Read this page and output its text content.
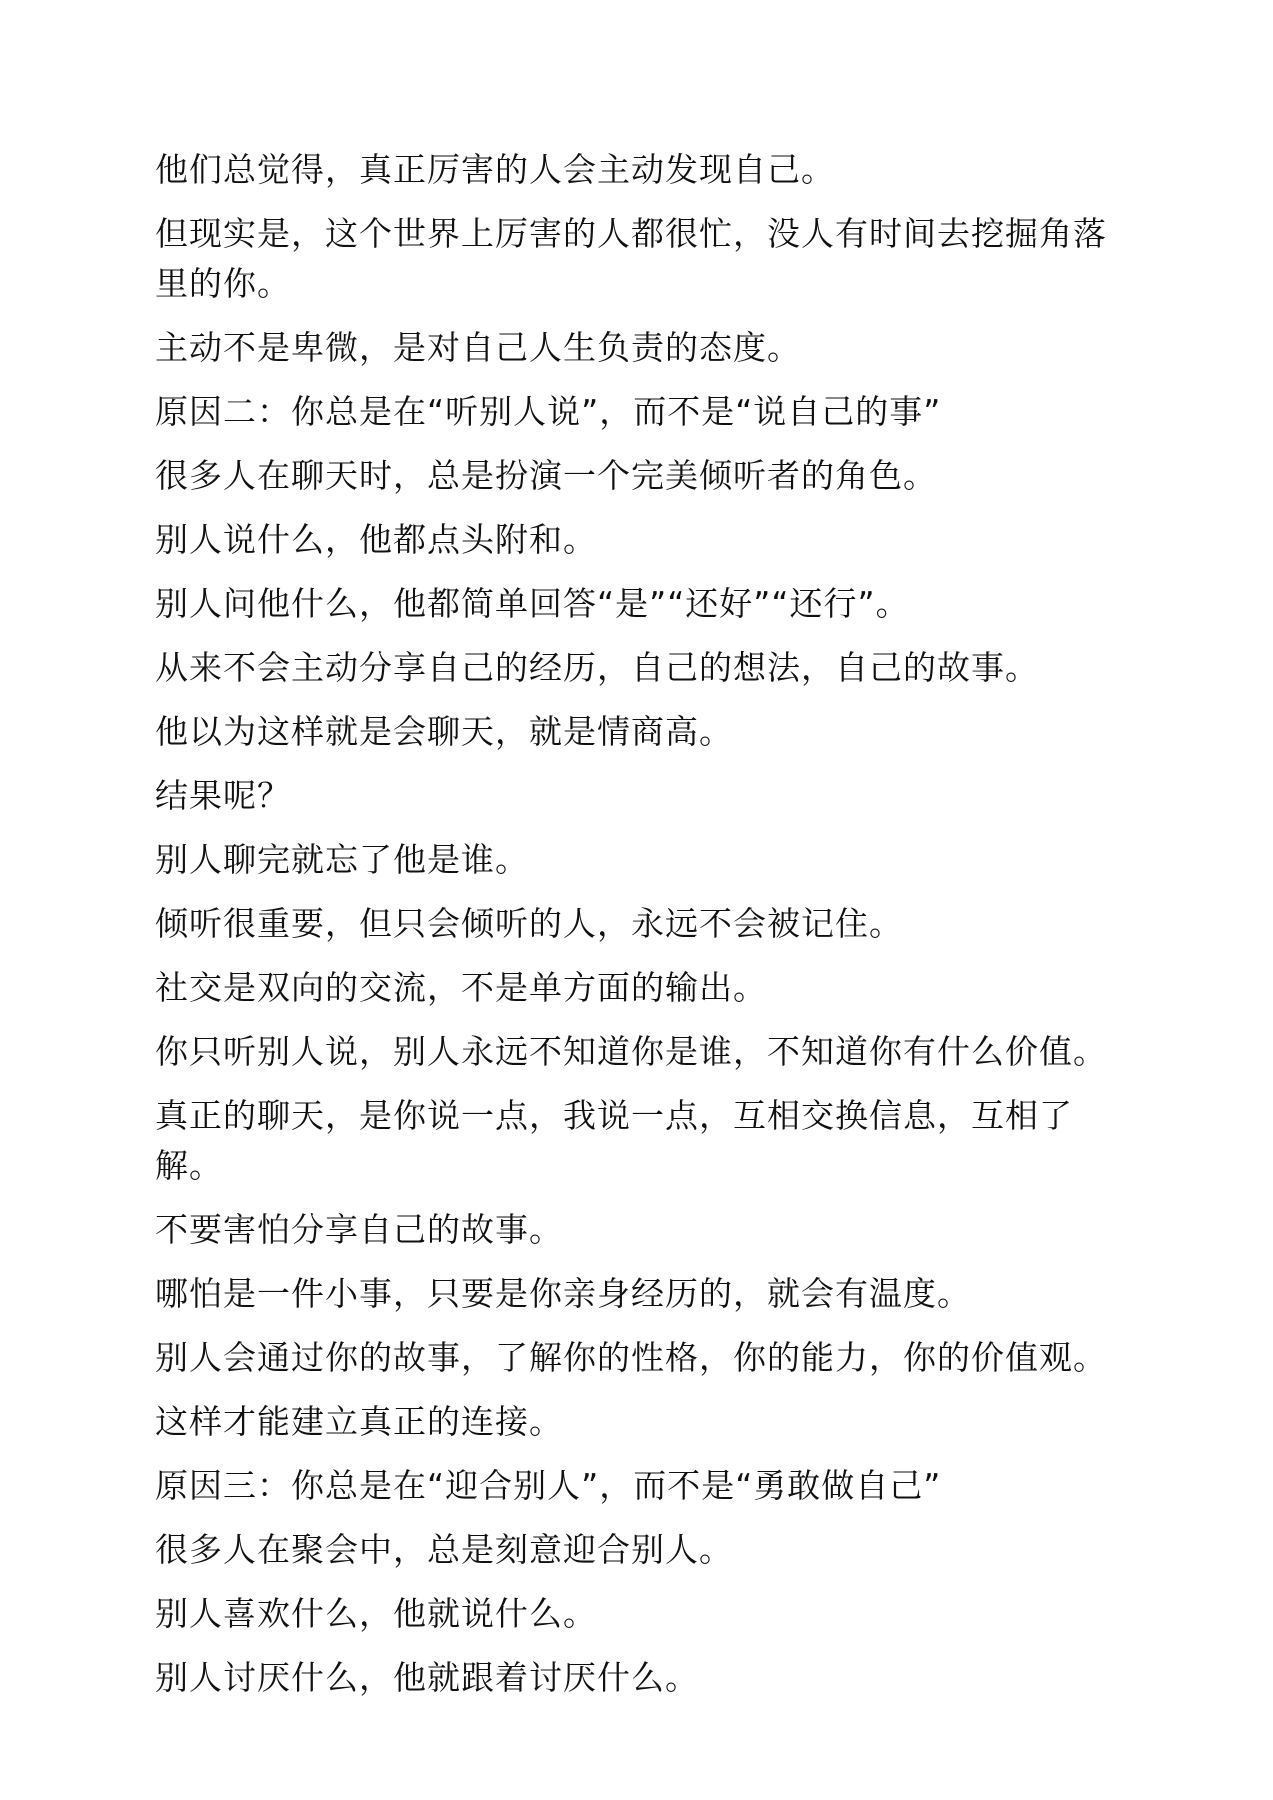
他们总觉得，真正厉害的人会主动发现自己。

但现实是，这个世界上厉害的人都很忙，没人有时间去挖掘角落里的你。

主动不是卑微，是对自己人生负责的态度。

原因二：你总是在“听别人说”，而不是“说自己的事”

很多人在聊天时，总是扮演一个完美倾听者的角色。

别人说什么，他都点头附和。

别人问他什么，他都简单回答“是”“还好”“还行”。

从来不会主动分享自己的经历，自己的想法，自己的故事。

他以为这样就是会聊天，就是情商高。

结果呢？

别人聊完就忘了他是谁。

倾听很重要，但只会倾听的人，永远不会被记住。

社交是双向的交流，不是单方面的输出。

你只听别人说，别人永远不知道你是谁，不知道你有什么价值。

真正的聊天，是你说一点，我说一点，互相交换信息，互相了解。

不要害怕分享自己的故事。

哪怕是一件小事，只要是你亲身经历的，就会有温度。

别人会通过你的故事，了解你的性格，你的能力，你的价值观。

这样才能建立真正的连接。

原因三：你总是在“迎合别人”，而不是“勇敢做自己”

很多人在聚会中，总是刻意迎合别人。

别人喜欢什么，他就说什么。

别人讨厌什么，他就跟着讨厌什么。
